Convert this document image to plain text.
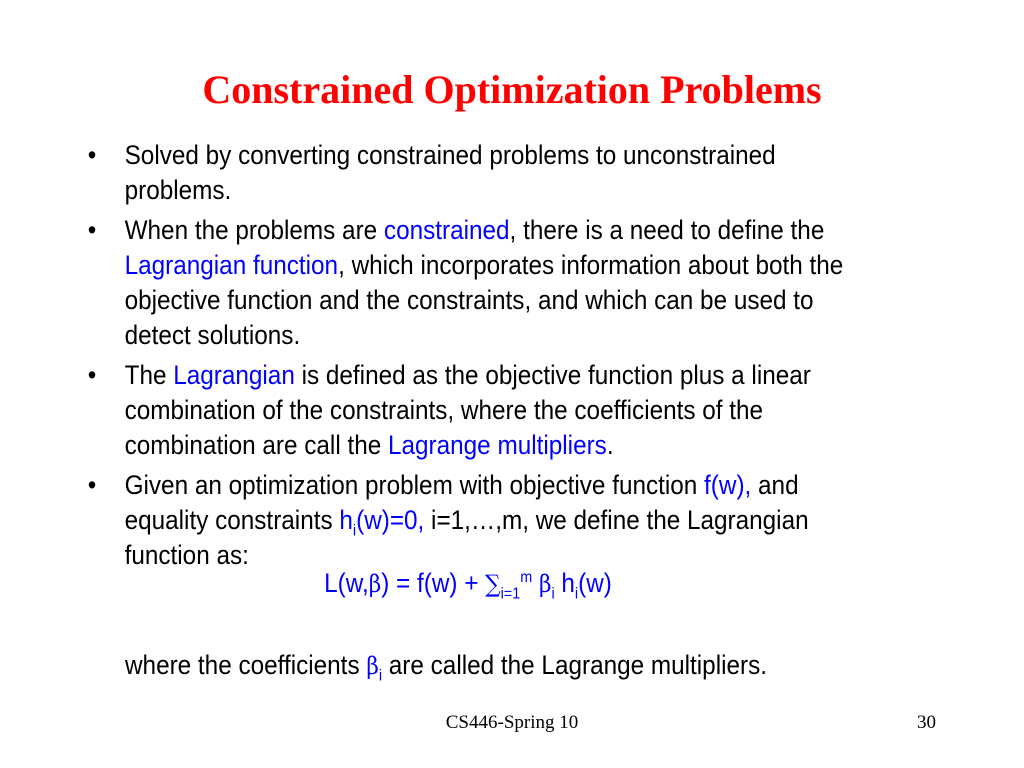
Constrained Optimization Problems
• Solved by converting constrained problems to unconstrained problems.
• When the problems are constrained, there is a need to define the Lagrangian function, which incorporates information about both the objective function and the constraints, and which can be used to detect solutions.
• The Lagrangian is defined as the objective function plus a linear combination of the constraints, where the coefficients of the combination are call the Lagrange multipliers.
• Given an optimization problem with objective function f(w), and equality constraints $h_i(w)=0$, i=1,…,m, we define the Lagrangian function as:
$L(w,\beta) = f(w) + \sum_{i=1}^m$ $\beta_i$ $h_i(w)$
where the coefficients $\beta_i$ are called the Lagrange multipliers.
CS446-Spring 10	30
